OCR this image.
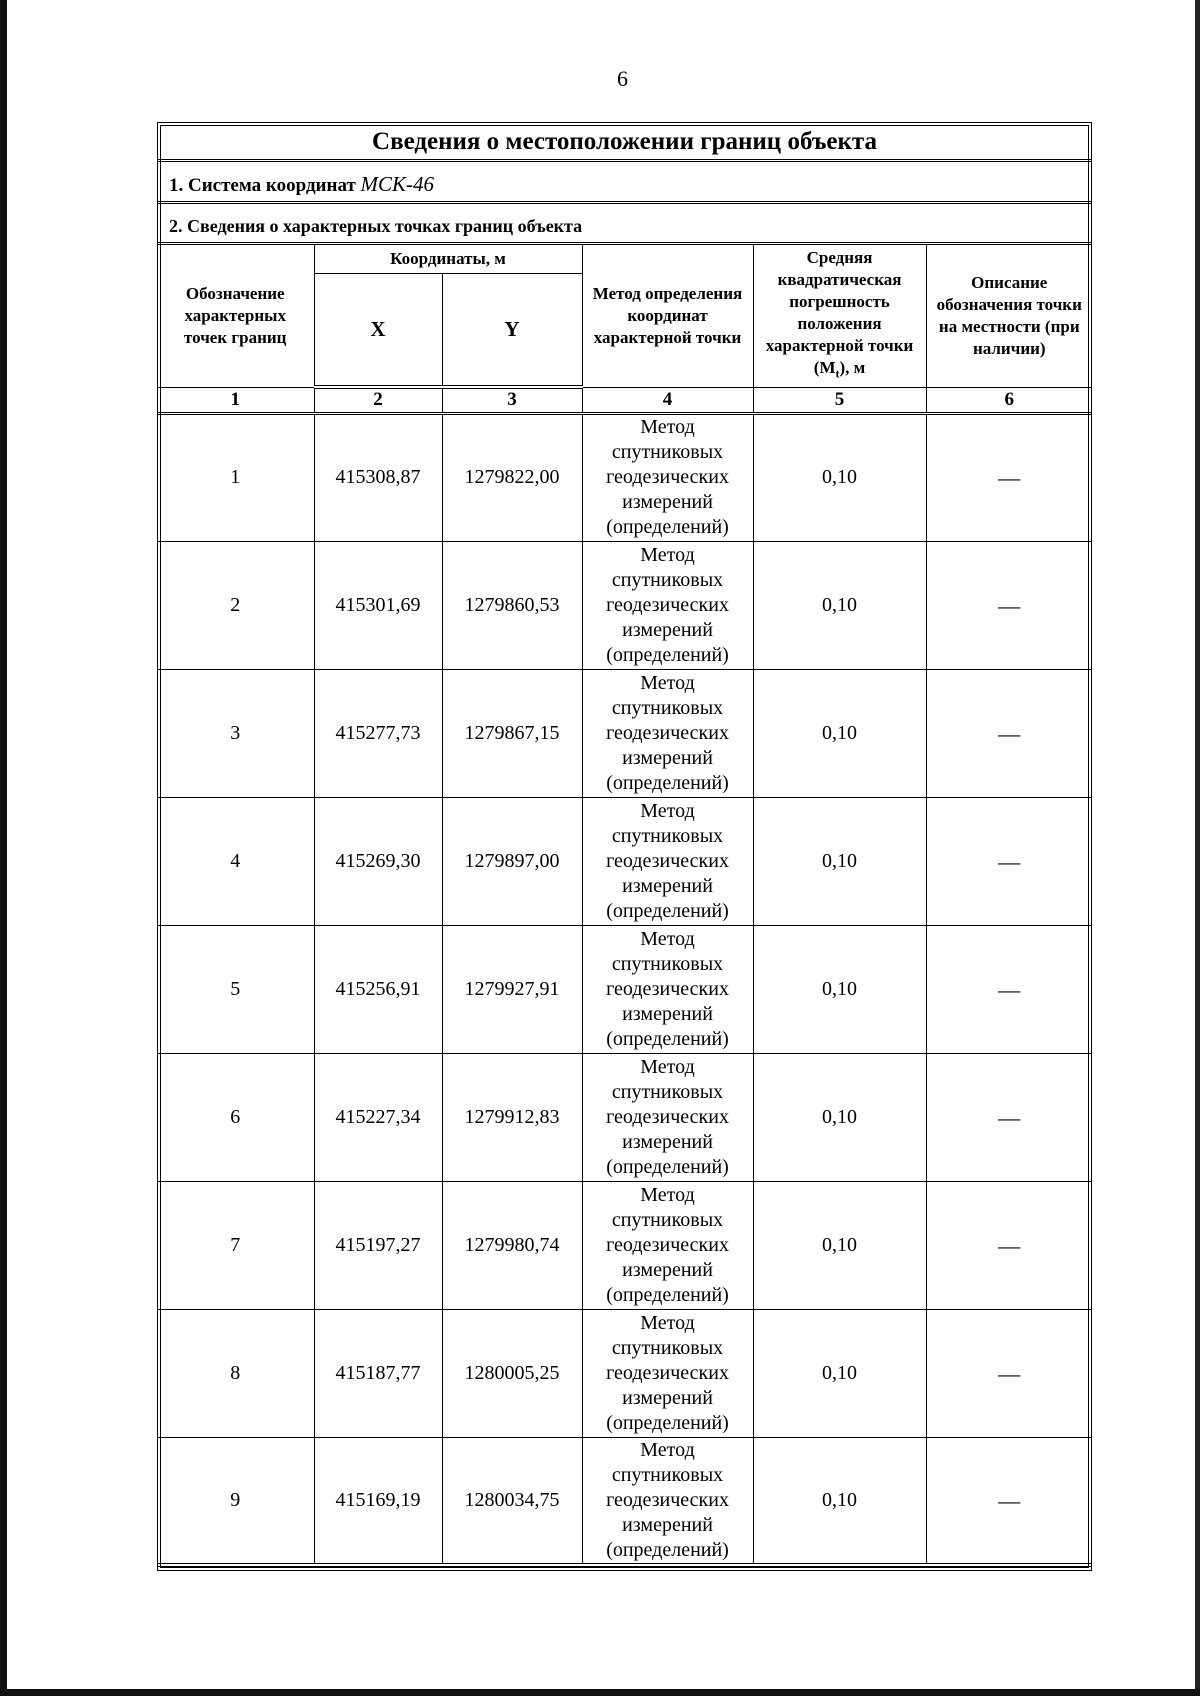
6
Сведения о местоположении границ объекта
1. Система координат МСК-46
2. Сведения о характерных точках границ объекта
Обозначение характерных точек границ	Координаты, м		Метод определения координат характерной точки	Средняя квадратическая погрешность положения характерной точки $(M_t)$, м	Описание обозначения точки на местности (при наличии)
	X	Y			
1	2	3	4	5	6
1	415308,87	1279822,00	Метод спутниковых геодезических измерений (определений)	0,10	—
2	415301,69	1279860,53	Метод спутниковых геодезических измерений (определений)	0,10	—
3	415277,73	1279867,15	Метод спутниковых геодезических измерений (определений)	0,10	—
4	415269,30	1279897,00	Метод спутниковых геодезических измерений (определений)	0,10	—
5	415256,91	1279927,91	Метод спутниковых геодезических измерений (определений)	0,10	—
6	415227,34	1279912,83	Метод спутниковых геодезических измерений (определений)	0,10	—
7	415197,27	1279980,74	Метод спутниковых геодезических измерений (определений)	0,10	—
8	415187,77	1280005,25	Метод спутниковых геодезических измерений (определений)	0,10	—
9	415169,19	1280034,75	Метод спутниковых геодезических измерений (определений)	0,10	—
